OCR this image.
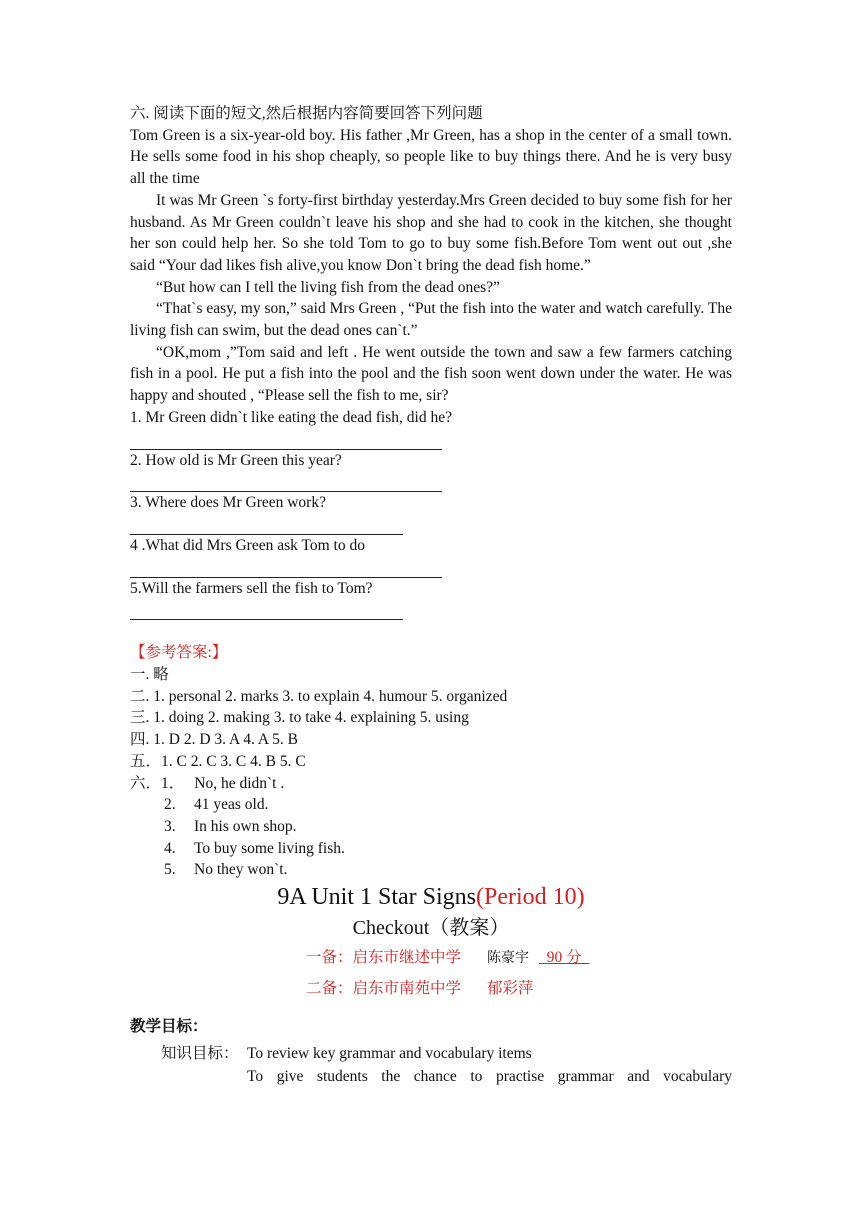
六. 阅读下面的短文,然后根据内容简要回答下列问题

Tom Green is a six-year-old boy. His father ,Mr Green, has a shop in the center of a small town. He sells some food in his shop cheaply, so people like to buy things there. And he is very busy all the time

It was Mr Green `s forty-first birthday yesterday.Mrs Green decided to buy some fish for her husband. As Mr Green couldn`t leave his shop and she had to cook in the kitchen, she thought her son could help her. So she told Tom to go to buy some fish.Before Tom went out out ,she said “Your dad likes fish alive,you know Don`t bring the dead fish home.”

“But how can I tell the living fish from the dead ones?”

“That`s easy, my son,” said Mrs Green , “Put the fish into the water and watch carefully. The living fish can swim, but the dead ones can`t.”

“OK,mom ,”Tom said and left . He went outside the town and saw a few farmers catching fish in a pool. He put a fish into the pool and the fish soon went down under the water. He was happy and shouted , “Please sell the fish to me, sir?

1. Mr Green didn`t like eating the dead fish, did he?

2. How old is Mr Green this year?

3. Where does Mr Green work?

4 .What did Mrs Green ask Tom to do

5.Will the farmers sell the fish to Tom?

【参考答案:】

一. 略

二. 1. personal 2. marks 3. to explain 4. humour 5. organized

三. 1. doing 2. making 3. to take 4. explaining 5. using

四. 1. D 2. D 3. A 4. A 5. B

五．1. C 2. C 3. C 4. B 5. C

六．1． No, he didn`t .

2.	41 yeas old.
3.	In his own shop.
4.	To buy some living fish.
5.	No they won`t.
9A Unit 1 Star Signs(Period 10)
Checkout（教案）
一备：启东市继述中学 陈豪宇 90 分
二备：启东市南苑中学 郁彩萍

教学目标：

知识目标： To review key grammar and vocabulary items
To give students the chance to practise grammar and vocabulary
